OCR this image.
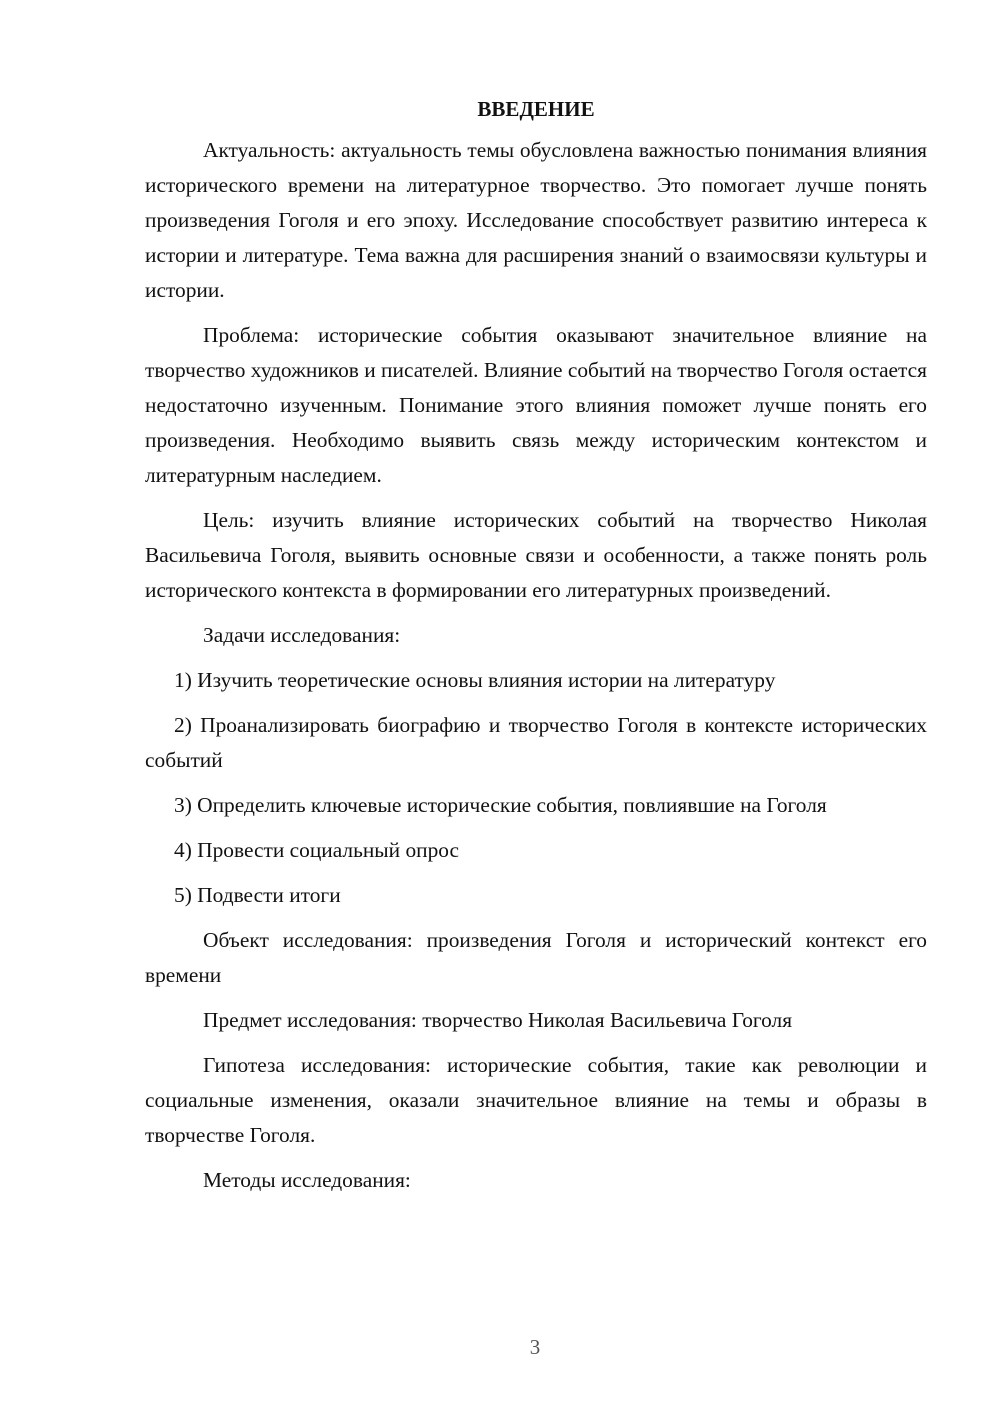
ВВЕДЕНИЕ

Актуальность: актуальность темы обусловлена важностью понимания влияния исторического времени на литературное творчество. Это помогает лучше понять произведения Гоголя и его эпоху. Исследование способствует развитию интереса к истории и литературе. Тема важна для расширения знаний о взаимосвязи культуры и истории.

Проблема: исторические события оказывают значительное влияние на творчество художников и писателей. Влияние событий на творчество Гоголя остается недостаточно изученным. Понимание этого влияния поможет лучше понять его произведения. Необходимо выявить связь между историческим контекстом и литературным наследием.

Цель: изучить влияние исторических событий на творчество Николая Васильевича Гоголя, выявить основные связи и особенности, а также понять роль исторического контекста в формировании его литературных произведений.

Задачи исследования:

1) Изучить теоретические основы влияния истории на литературу

2) Проанализировать биографию и творчество Гоголя в контексте исторических событий

3) Определить ключевые исторические события, повлиявшие на Гоголя

4) Провести социальный опрос

5) Подвести итоги

Объект исследования: произведения Гоголя и исторический контекст его времени

Предмет исследования: творчество Николая Васильевича Гоголя

Гипотеза исследования: исторические события, такие как революции и социальные изменения, оказали значительное влияние на темы и образы в творчестве Гоголя.

Методы исследования:

3
